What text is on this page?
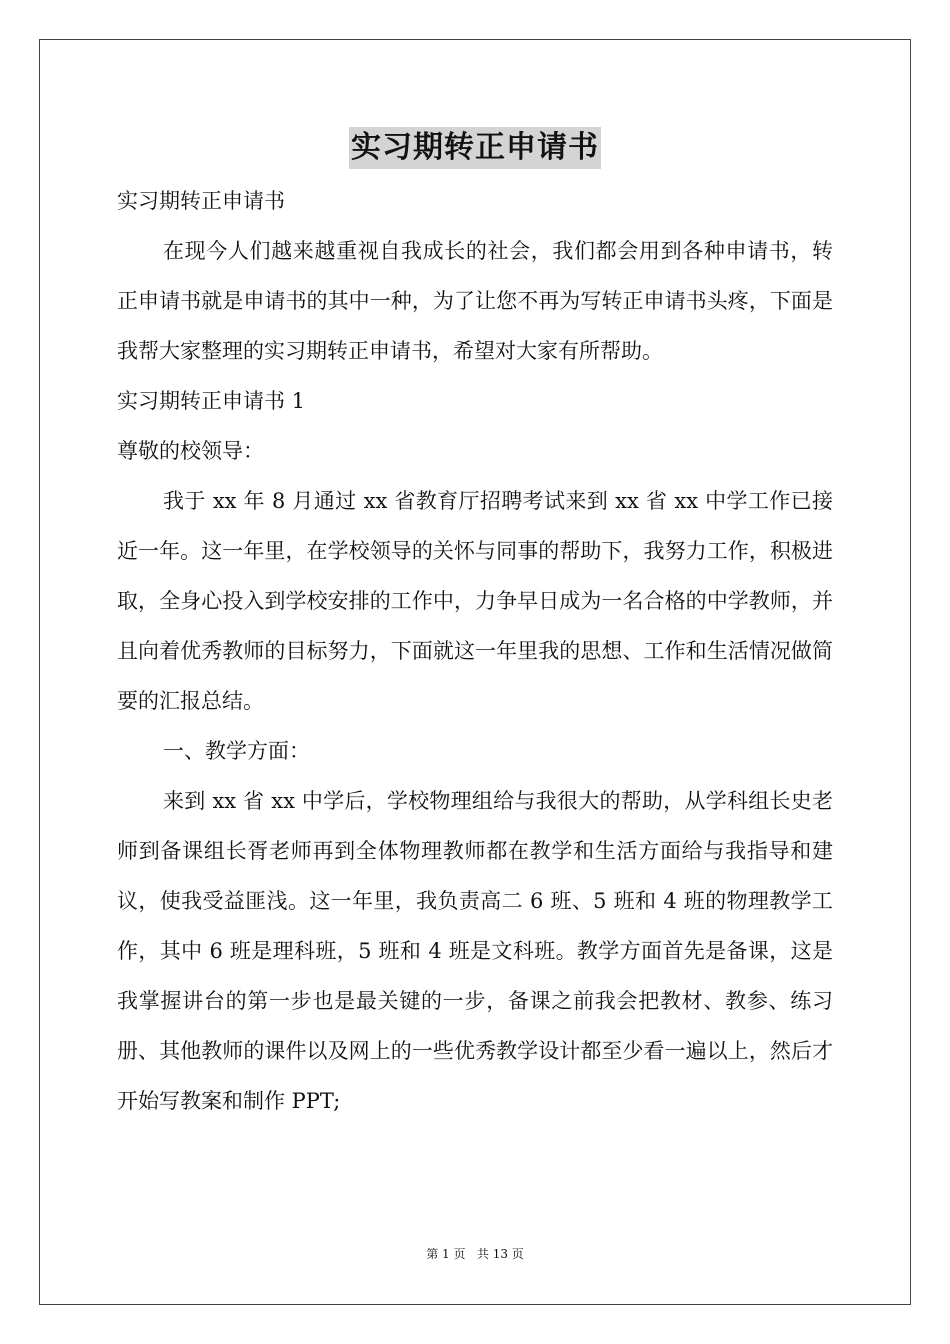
实习期转正申请书

实习期转正申请书

在现今人们越来越重视自我成长的社会，我们都会用到各种申请书，转正申请书就是申请书的其中一种，为了让您不再为写转正申请书头疼，下面是我帮大家整理的实习期转正申请书，希望对大家有所帮助。

实习期转正申请书 1

尊敬的校领导：

我于 xx 年 8 月通过 xx 省教育厅招聘考试来到 xx 省 xx 中学工作已接近一年。这一年里，在学校领导的关怀与同事的帮助下，我努力工作，积极进取，全身心投入到学校安排的工作中，力争早日成为一名合格的中学教师，并且向着优秀教师的目标努力，下面就这一年里我的思想、工作和生活情况做简要的汇报总结。

一、教学方面：

来到 xx 省 xx 中学后，学校物理组给与我很大的帮助，从学科组长史老师到备课组长胥老师再到全体物理教师都在教学和生活方面给与我指导和建议，使我受益匪浅。这一年里，我负责高二 6 班、5 班和 4 班的物理教学工作，其中 6 班是理科班，5 班和 4 班是文科班。教学方面首先是备课，这是我掌握讲台的第一步也是最关键的一步，备课之前我会把教材、教参、练习册、其他教师的课件以及网上的一些优秀教学设计都至少看一遍以上，然后才开始写教案和制作 PPT;

第 1 页   共 13 页
